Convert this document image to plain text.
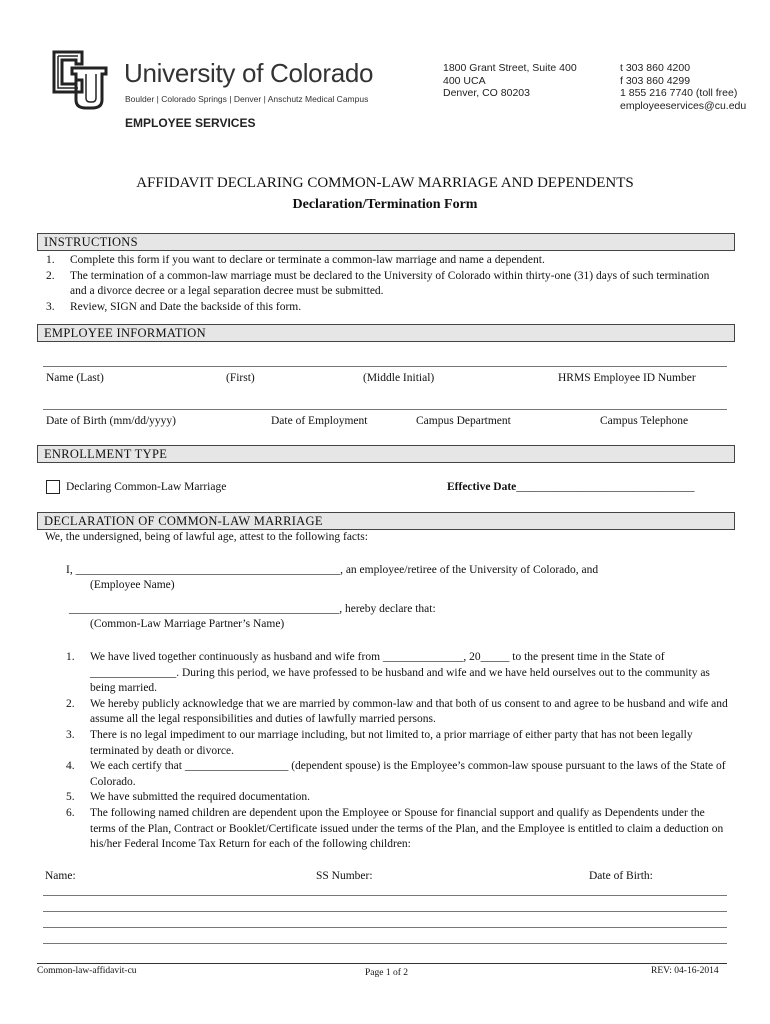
University of Colorado
Boulder | Colorado Springs | Denver | Anschutz Medical Campus
EMPLOYEE SERVICES
1800 Grant Street, Suite 400
400 UCA
Denver, CO 80203
t 303 860 4200
f 303 860 4299
1 855 216 7740 (toll free)
employeeservices@cu.edu
AFFIDAVIT DECLARING COMMON-LAW MARRIAGE AND DEPENDENTS
Declaration/Termination Form
INSTRUCTIONS
1. Complete this form if you want to declare or terminate a common-law marriage and name a dependent.
2. The termination of a common-law marriage must be declared to the University of Colorado within thirty-one (31) days of such termination and a divorce decree or a legal separation decree must be submitted.
3. Review, SIGN and Date the backside of this form.
EMPLOYEE INFORMATION
Name (Last)	(First)	(Middle Initial)	HRMS Employee ID Number
Date of Birth (mm/dd/yyyy)	Date of Employment	Campus Department	Campus Telephone
ENROLLMENT TYPE
Declaring Common-Law Marriage	Effective Date_______________________________
DECLARATION OF COMMON-LAW MARRIAGE
We, the undersigned, being of lawful age, attest to the following facts:
I, ______________________________________________, an employee/retiree of the University of Colorado, and
(Employee Name)
_______________________________________________, hereby declare that:
(Common-Law Marriage Partner’s Name)
1. We have lived together continuously as husband and wife from ______________, 20_____ to the present time in the State of _______________. During this period, we have professed to be husband and wife and we have held ourselves out to the community as being married.
2. We hereby publicly acknowledge that we are married by common-law and that both of us consent to and agree to be husband and wife and assume all the legal responsibilities and duties of lawfully married persons.
3. There is no legal impediment to our marriage including, but not limited to, a prior marriage of either party that has not been legally terminated by death or divorce.
4. We each certify that __________________ (dependent spouse) is the Employee’s common-law spouse pursuant to the laws of the State of Colorado.
5. We have submitted the required documentation.
6. The following named children are dependent upon the Employee or Spouse for financial support and qualify as Dependents under the terms of the Plan, Contract or Booklet/Certificate issued under the terms of the Plan, and the Employee is entitled to claim a deduction on his/her Federal Income Tax Return for each of the following children:
Name:	SS Number:	Date of Birth:
Common-law-affidavit-cu	Page 1 of 2	REV: 04-16-2014
